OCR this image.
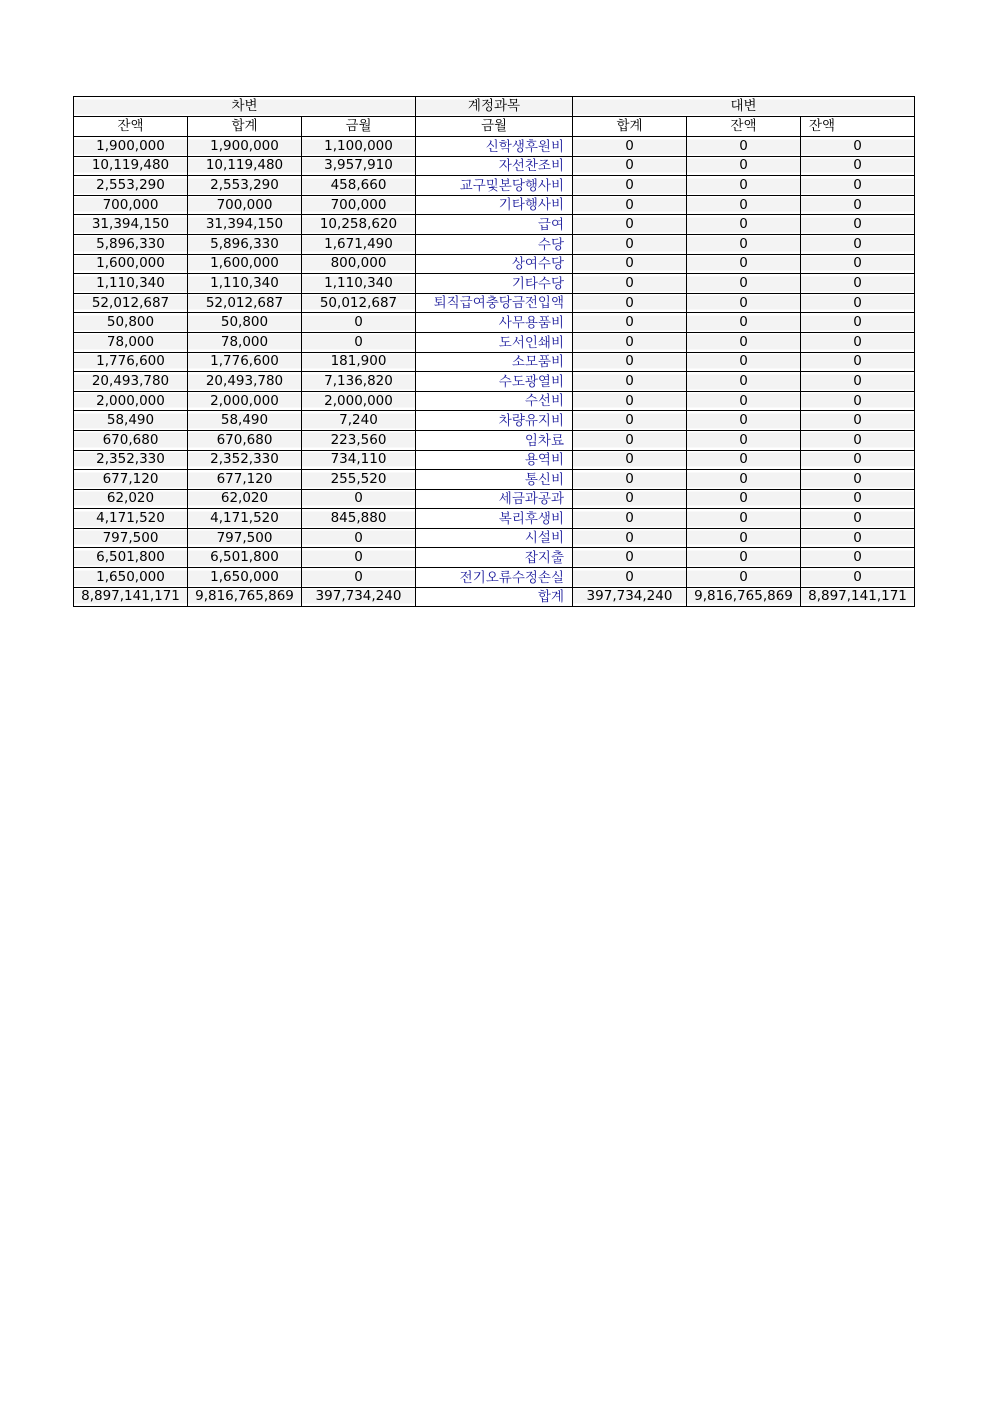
차변			계정과목	대변		
잔액	합계	금월	금월	합계	잔액	잔액
1,900,000	1,900,000	1,100,000	신학생후원비	0	0	0
10,119,480	10,119,480	3,957,910	자선찬조비	0	0	0
2,553,290	2,553,290	458,660	교구및본당행사비	0	0	0
700,000	700,000	700,000	기타행사비	0	0	0
31,394,150	31,394,150	10,258,620	급여	0	0	0
5,896,330	5,896,330	1,671,490	수당	0	0	0
1,600,000	1,600,000	800,000	상여수당	0	0	0
1,110,340	1,110,340	1,110,340	기타수당	0	0	0
52,012,687	52,012,687	50,012,687	퇴직급여충당금전입액	0	0	0
50,800	50,800	0	사무용품비	0	0	0
78,000	78,000	0	도서인쇄비	0	0	0
1,776,600	1,776,600	181,900	소모품비	0	0	0
20,493,780	20,493,780	7,136,820	수도광열비	0	0	0
2,000,000	2,000,000	2,000,000	수선비	0	0	0
58,490	58,490	7,240	차량유지비	0	0	0
670,680	670,680	223,560	임차료	0	0	0
2,352,330	2,352,330	734,110	용역비	0	0	0
677,120	677,120	255,520	통신비	0	0	0
62,020	62,020	0	세금과공과	0	0	0
4,171,520	4,171,520	845,880	복리후생비	0	0	0
797,500	797,500	0	시설비	0	0	0
6,501,800	6,501,800	0	잡지출	0	0	0
1,650,000	1,650,000	0	전기오류수정손실	0	0	0
8,897,141,171	9,816,765,869	397,734,240	합계	397,734,240	9,816,765,869	8,897,141,171
